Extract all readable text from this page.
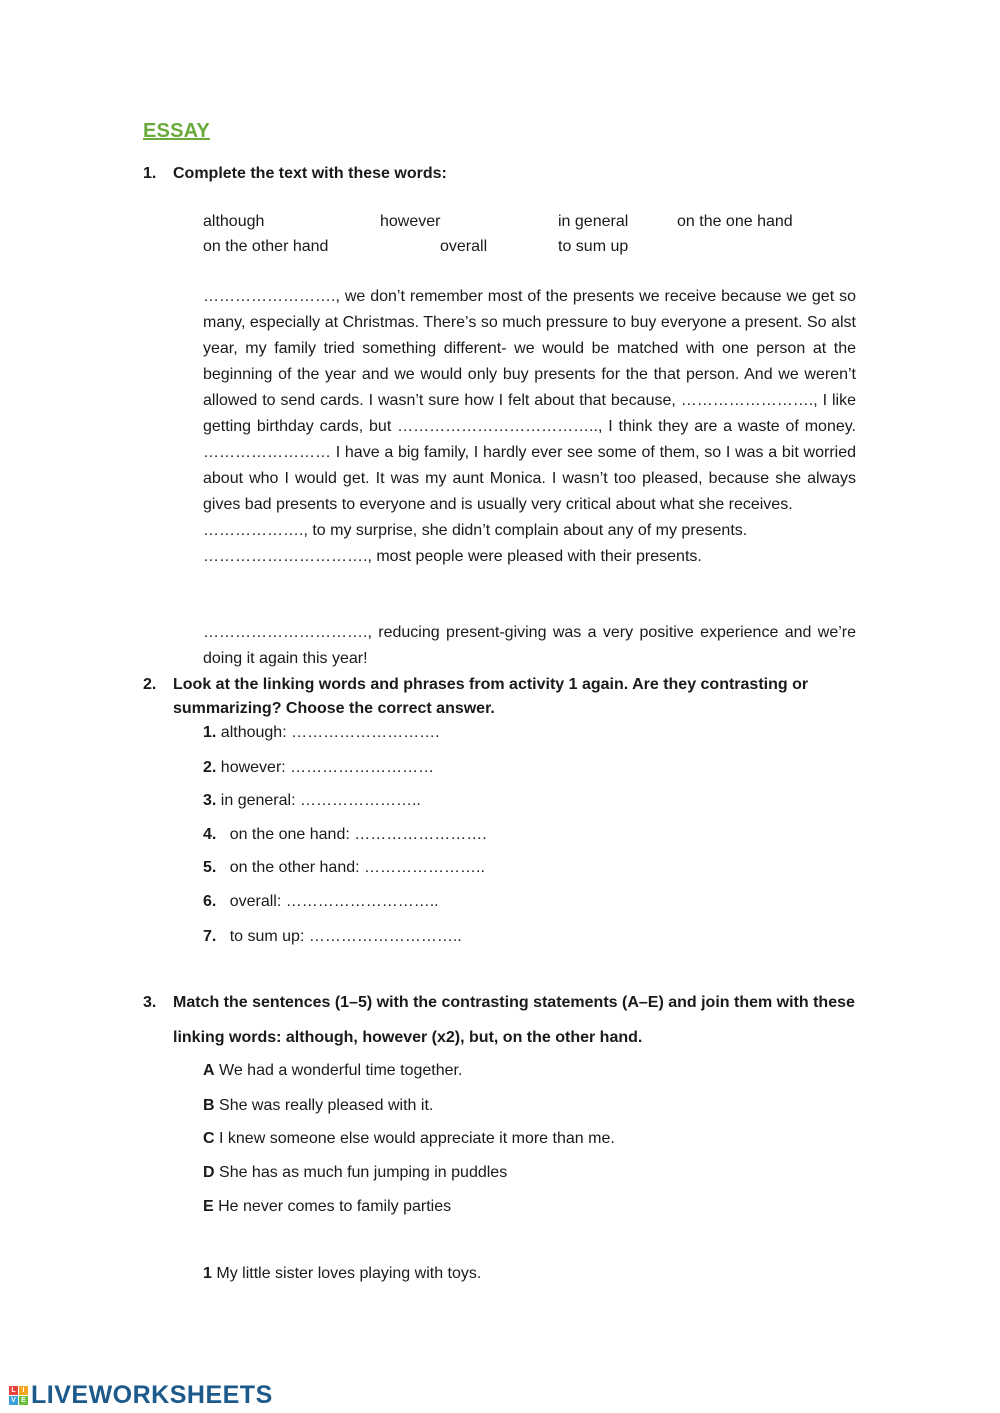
ESSAY
1. Complete the text with these words:
although	however	in general	on the one hand
on the other hand	overall	to sum up

……………………., we don’t remember most of the presents we receive because we get so many, especially at Christmas. There’s so much pressure to buy everyone a present. So alst year, my family tried something different- we would be matched with one person at the beginning of the year and we would only buy presents for the that person. And we weren’t allowed to send cards. I wasn’t sure how I felt about that because, ……………………., I like getting birthday cards, but ……………………………….., I think they are a waste of money.

…………………… I have a big family, I hardly ever see some of them, so I was a bit worried about who I would get. It was my aunt Monica. I wasn’t too pleased, because she always gives bad presents to everyone and is usually very critical about what she receives.

………………., to my surprise, she didn’t complain about any of my presents.

…………………………., most people were pleased with their presents.

…………………………., reducing present-giving was a very positive experience and we’re doing it again this year!

2. Look at the linking words and phrases from activity 1 again. Are they contrasting or summarizing? Choose the correct answer.
1. although: ……………………….
2. however: ………………………
3. in general: …………………..
4. on the one hand: …………………….
5. on the other hand: …………………..
6. overall: ………………………..
7. to sum up: ………………………..
3. Match the sentences (1–5) with the contrasting statements (A–E) and join them with these
linking words: although, however (x2), but, on the other hand.
A We had a wonderful time together.
B She was really pleased with it.
C I knew someone else would appreciate it more than me.
D She has as much fun jumping in puddles
E He never comes to family parties
1 My little sister loves playing with toys.
L I
V E LIVEWORKSHEETS
